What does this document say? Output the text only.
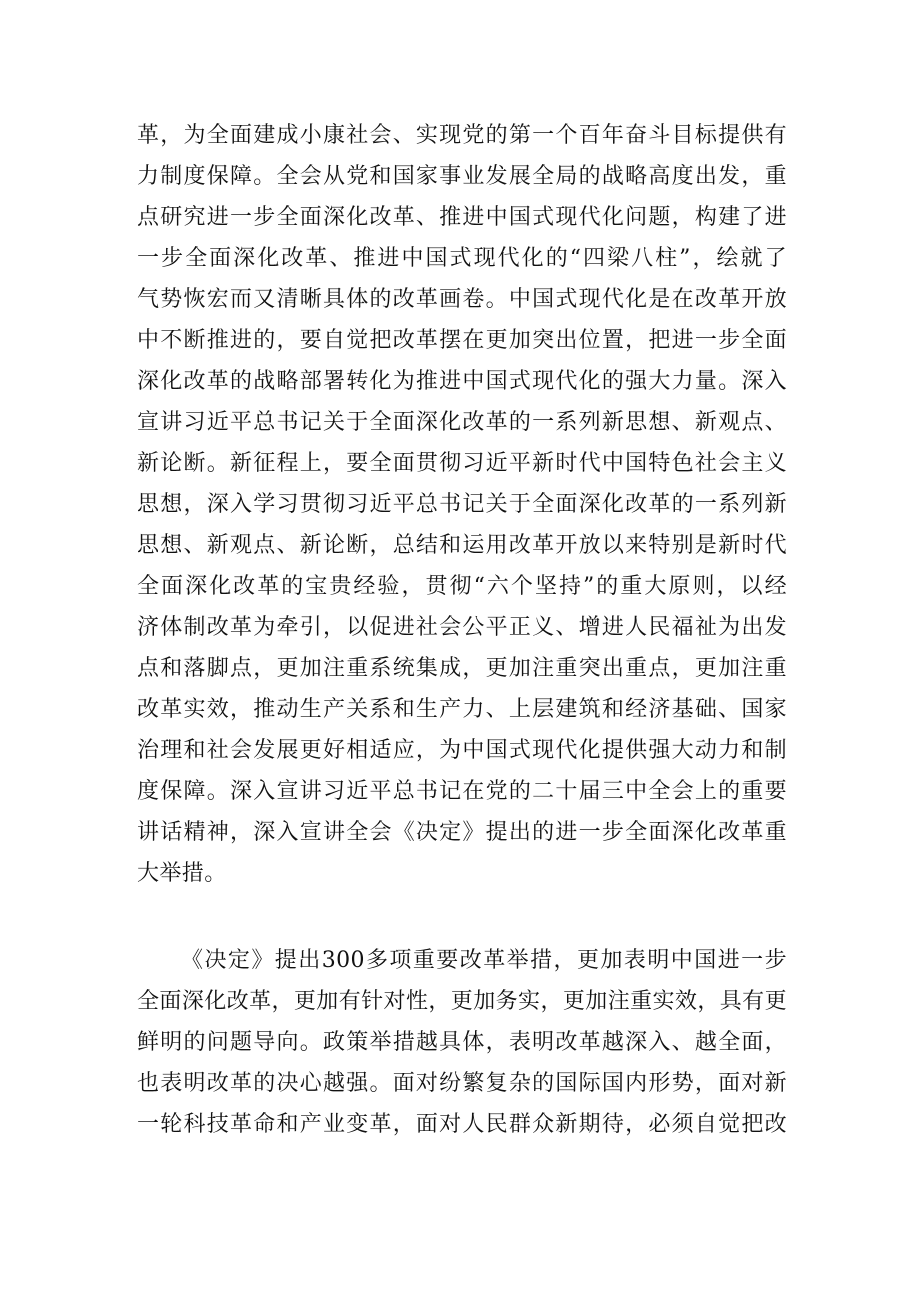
革，为全面建成小康社会、实现党的第一个百年奋斗目标提供有
力制度保障。全会从党和国家事业发展全局的战略高度出发，重
点研究进一步全面深化改革、推进中国式现代化问题，构建了进
一步全面深化改革、推进中国式现代化的“四梁八柱”，绘就了
气势恢宏而又清晰具体的改革画卷。中国式现代化是在改革开放
中不断推进的，要自觉把改革摆在更加突出位置，把进一步全面
深化改革的战略部署转化为推进中国式现代化的强大力量。深入
宣讲习近平总书记关于全面深化改革的一系列新思想、新观点、
新论断。新征程上，要全面贯彻习近平新时代中国特色社会主义
思想，深入学习贯彻习近平总书记关于全面深化改革的一系列新
思想、新观点、新论断，总结和运用改革开放以来特别是新时代
全面深化改革的宝贵经验，贯彻“六个坚持”的重大原则，以经
济体制改革为牵引，以促进社会公平正义、增进人民福祉为出发
点和落脚点，更加注重系统集成，更加注重突出重点，更加注重
改革实效，推动生产关系和生产力、上层建筑和经济基础、国家
治理和社会发展更好相适应，为中国式现代化提供强大动力和制
度保障。深入宣讲习近平总书记在党的二十届三中全会上的重要
讲话精神，深入宣讲全会《决定》提出的进一步全面深化改革重
大举措。
《决定》提出300多项重要改革举措，更加表明中国进一步
全面深化改革，更加有针对性，更加务实，更加注重实效，具有更
鲜明的问题导向。政策举措越具体，表明改革越深入、越全面，
也表明改革的决心越强。面对纷繁复杂的国际国内形势，面对新
一轮科技革命和产业变革，面对人民群众新期待，必须自觉把改
